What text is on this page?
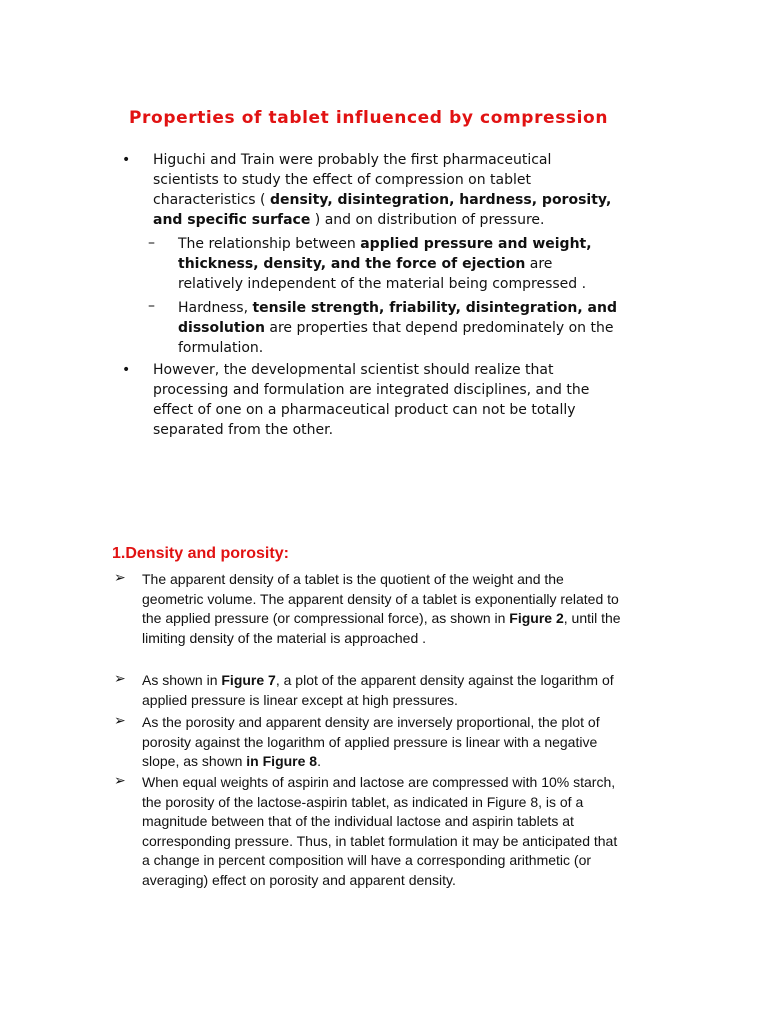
Properties of tablet influenced by compression
• Higuchi and Train were probably the first pharmaceutical scientists to study the effect of compression on tablet characteristics ( density, disintegration, hardness, porosity, and specific surface ) and on distribution of pressure.
– The relationship between applied pressure and weight, thickness, density, and the force of ejection are relatively independent of the material being compressed .
– Hardness, tensile strength, friability, disintegration, and dissolution are properties that depend predominately on the formulation.
• However, the developmental scientist should realize that processing and formulation are integrated disciplines, and the effect of one on a pharmaceutical product can not be totally separated from the other.
1.Density and porosity:
➢ The apparent density of a tablet is the quotient of the weight and the geometric volume. The apparent density of a tablet is exponentially related to the applied pressure (or compressional force), as shown in Figure 2, until the limiting density of the material is approached .
➢ As shown in Figure 7, a plot of the apparent density against the logarithm of applied pressure is linear except at high pressures.
➢ As the porosity and apparent density are inversely proportional, the plot of porosity against the logarithm of applied pressure is linear with a negative slope, as shown in Figure 8.
➢ When equal weights of aspirin and lactose are compressed with 10% starch, the porosity of the lactose-aspirin tablet, as indicated in Figure 8, is of a magnitude between that of the individual lactose and aspirin tablets at corresponding pressure. Thus, in tablet formulation it may be anticipated that a change in percent composition will have a corresponding arithmetic (or averaging) effect on porosity and apparent density.
